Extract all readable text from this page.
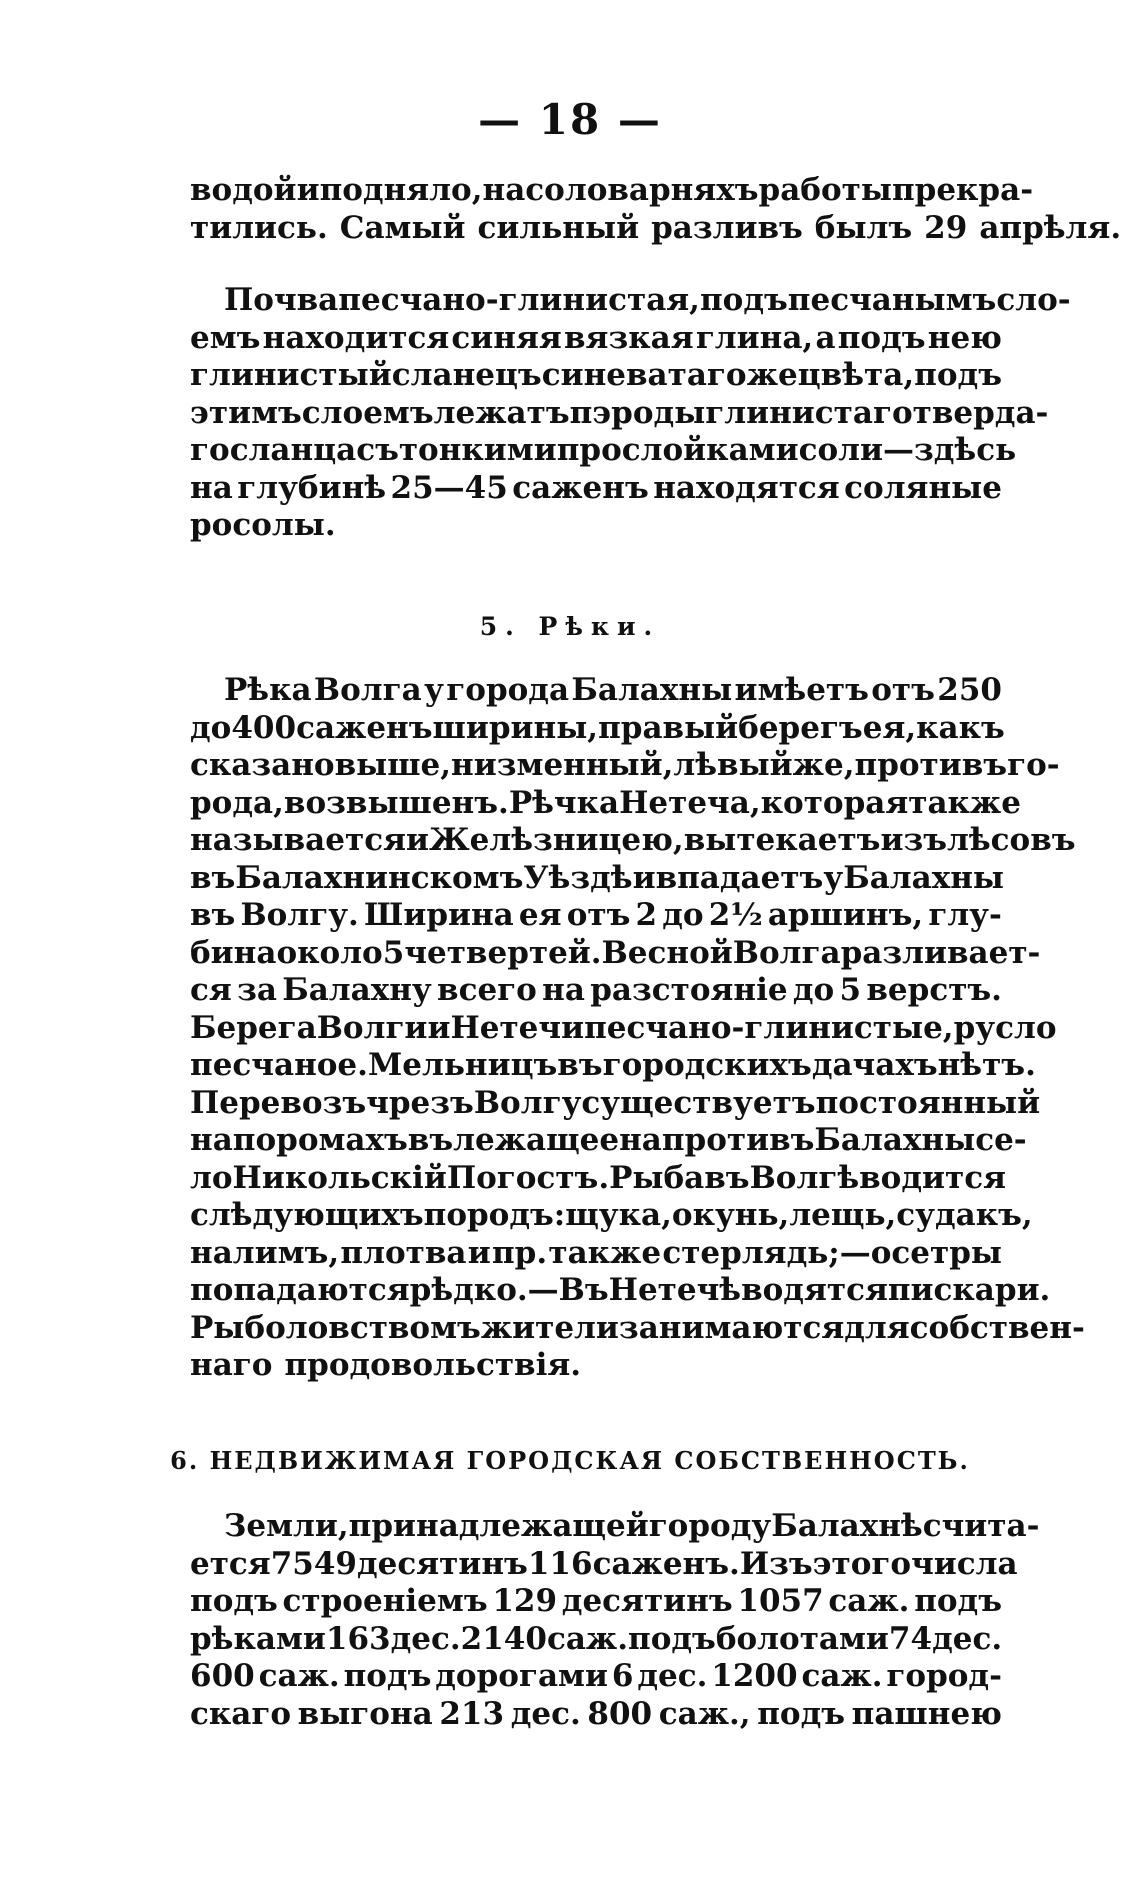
— 18 —
водой и подняло, на соловарняхъ работы прекра-
тились. Самый сильный разливъ былъ 29 апрѣля.
Почва песчано-глинистая, подъ песчанымъ сло-
емъ находится синяя вязкая глина, а подъ нею
глинистый сланецъ синеватаго же цвѣта, подъ
этимъ слоемъ лежатъ пэроды глинистаго тверда-
го сланца съ тонкими прослойками соли—здѣсь
на глубинѣ 25—45 саженъ находятся соляные
росолы.
5. Рѣки.
Рѣка Волга у города Балахны имѣетъ отъ 250
до 400 саженъ ширины, правый берегъ ея, какъ
сказано выше, низменный, лѣвый же, противъ го-
рода, возвышенъ. Рѣчка Нетеча, которая также
называется и Желѣзницею, вытекаетъ изъ лѣсовъ
въ Балахнинскомъ Уѣздѣ и впадаетъ у Балахны
въ Волгу. Ширина ея отъ 2 до 2½ аршинъ, глу-
бина около 5 четвертей. Весной Волга разливает-
ся за Балахну всего на разстояніе до 5 верстъ.
Берега Волги и Нетечи песчано-глинистые, русло
песчаное. Мельницъ въ городскихъ дачахъ нѣтъ.
Перевозъ чрезъ Волгу существуетъ постоянный
на поромахъ въ лежащее напротивъ Балахны се-
ло Никольскій Погостъ. Рыба въ Волгѣ водится
слѣдующихъ породъ: щука, окунь, лещь, судакъ,
налимъ, плотва и пр. также стерлядь;—осетры
попадаются рѣдко.—Въ Нетечѣ водятся пискари.
Рыболовствомъ жители занимаются для собствен-
наго продовольствія.
6. НЕДВИЖИМАЯ ГОРОДСКАЯ СОБСТВЕННОСТЬ.
Земли, принадлежащей городу Балахнѣ счита-
ется 7549 десятинъ 116 саженъ. Изъ этого числа
подъ строеніемъ 129 десятинъ 1057 саж. подъ
рѣками 163 дес. 2140 саж. подъ болотами 74 дес.
600 саж. подъ дорогами 6 дес. 1200 саж. город-
скаго выгона 213 дес. 800 саж., подъ пашнею
